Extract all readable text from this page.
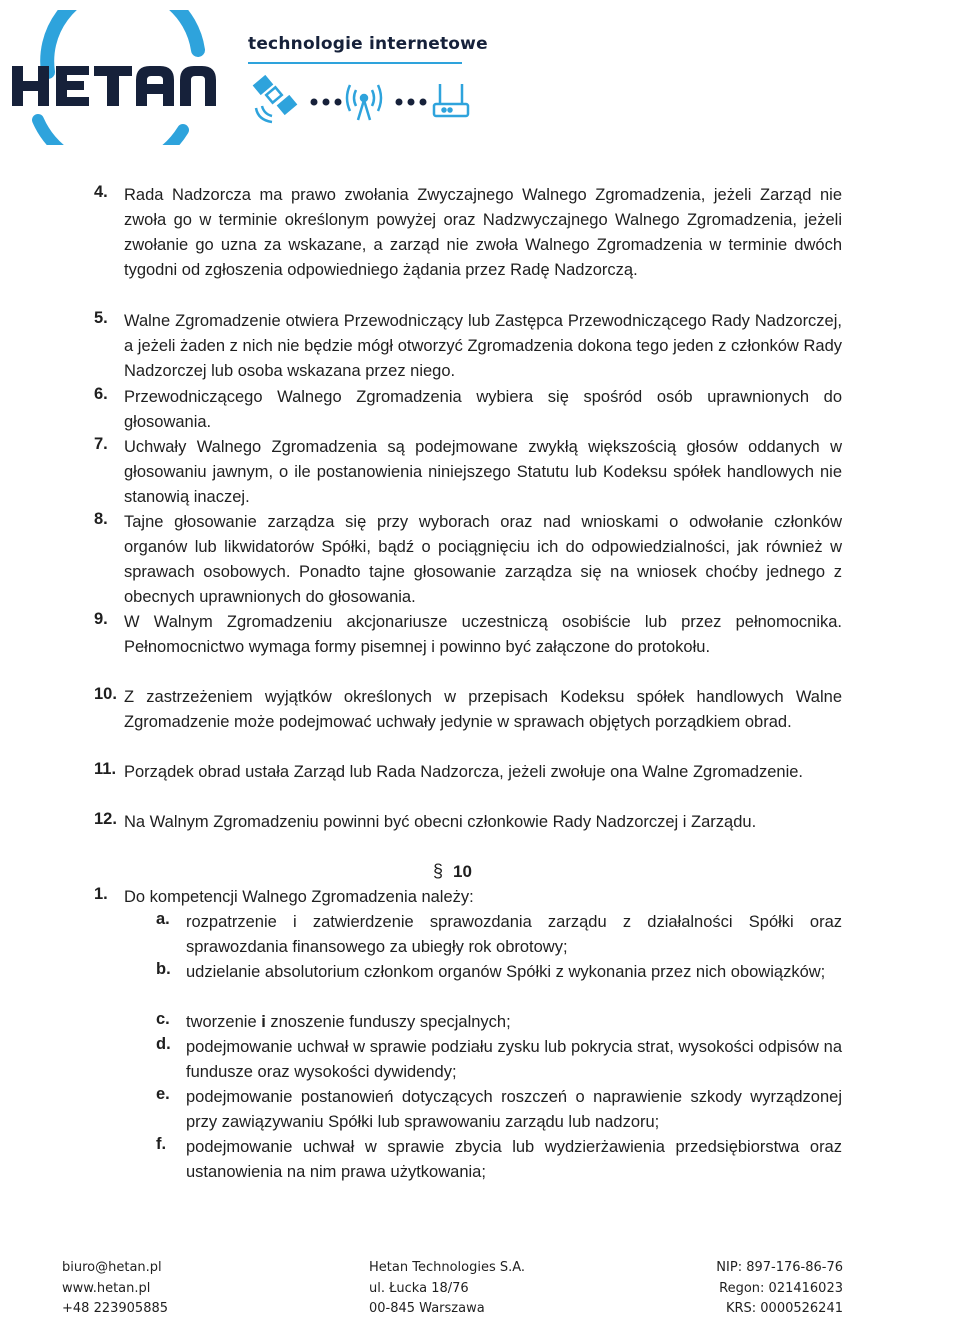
technologie internetowe
4. Rada Nadzorcza ma prawo zwołania Zwyczajnego Walnego Zgromadzenia, jeżeli Zarząd nie zwoła go w terminie określonym powyżej oraz Nadzwyczajnego Walnego Zgromadzenia, jeżeli zwołanie go uzna za wskazane, a zarząd nie zwoła Walnego Zgromadzenia w terminie dwóch tygodni od zgłoszenia odpowiedniego żądania przez Radę Nadzorczą.
5. Walne Zgromadzenie otwiera Przewodniczący lub Zastępca Przewodniczącego Rady Nadzorczej, a jeżeli żaden z nich nie będzie mógł otworzyć Zgromadzenia dokona tego jeden z członków Rady Nadzorczej lub osoba wskazana przez niego.
6. Przewodniczącego Walnego Zgromadzenia wybiera się spośród osób uprawnionych do głosowania.
7. Uchwały Walnego Zgromadzenia są podejmowane zwykłą większością głosów oddanych w głosowaniu jawnym, o ile postanowienia niniejszego Statutu lub Kodeksu spółek handlowych nie stanowią inaczej.
8. Tajne głosowanie zarządza się przy wyborach oraz nad wnioskami o odwołanie członków organów lub likwidatorów Spółki, bądź o pociągnięciu ich do odpowiedzialności, jak również w sprawach osobowych. Ponadto tajne głosowanie zarządza się na wniosek choćby jednego z obecnych uprawnionych do głosowania.
9. W Walnym Zgromadzeniu akcjonariusze uczestniczą osobiście lub przez pełnomocnika. Pełnomocnictwo wymaga formy pisemnej i powinno być załączone do protokołu.
10. Z zastrzeżeniem wyjątków określonych w przepisach Kodeksu spółek handlowych Walne Zgromadzenie może podejmować uchwały jedynie w sprawach objętych porządkiem obrad.
11. Porządek obrad ustała Zarząd lub Rada Nadzorcza, jeżeli zwołuje ona Walne Zgromadzenie.
12. Na Walnym Zgromadzeniu powinni być obecni członkowie Rady Nadzorczej i Zarządu.
§ 10
1. Do kompetencji Walnego Zgromadzenia należy:
a. rozpatrzenie i zatwierdzenie sprawozdania zarządu z działalności Spółki oraz sprawozdania finansowego za ubiegły rok obrotowy;
b. udzielanie absolutorium członkom organów Spółki z wykonania przez nich obowiązków;
c. tworzenie i znoszenie funduszy specjalnych;
d. podejmowanie uchwał w sprawie podziału zysku lub pokrycia strat, wysokości odpisów na fundusze oraz wysokości dywidendy;
e. podejmowanie postanowień dotyczących roszczeń o naprawienie szkody wyrządzonej przy zawiązywaniu Spółki lub sprawowaniu zarządu lub nadzoru;
f. podejmowanie uchwał w sprawie zbycia lub wydzierżawienia przedsiębiorstwa oraz ustanowienia na nim prawa użytkowania;
biuro@hetan.pl
www.hetan.pl
+48 223905885
Hetan Technologies S.A.
ul. Łucka 18/76
00-845 Warszawa
NIP: 897-176-86-76
Regon: 021416023
KRS: 0000526241
